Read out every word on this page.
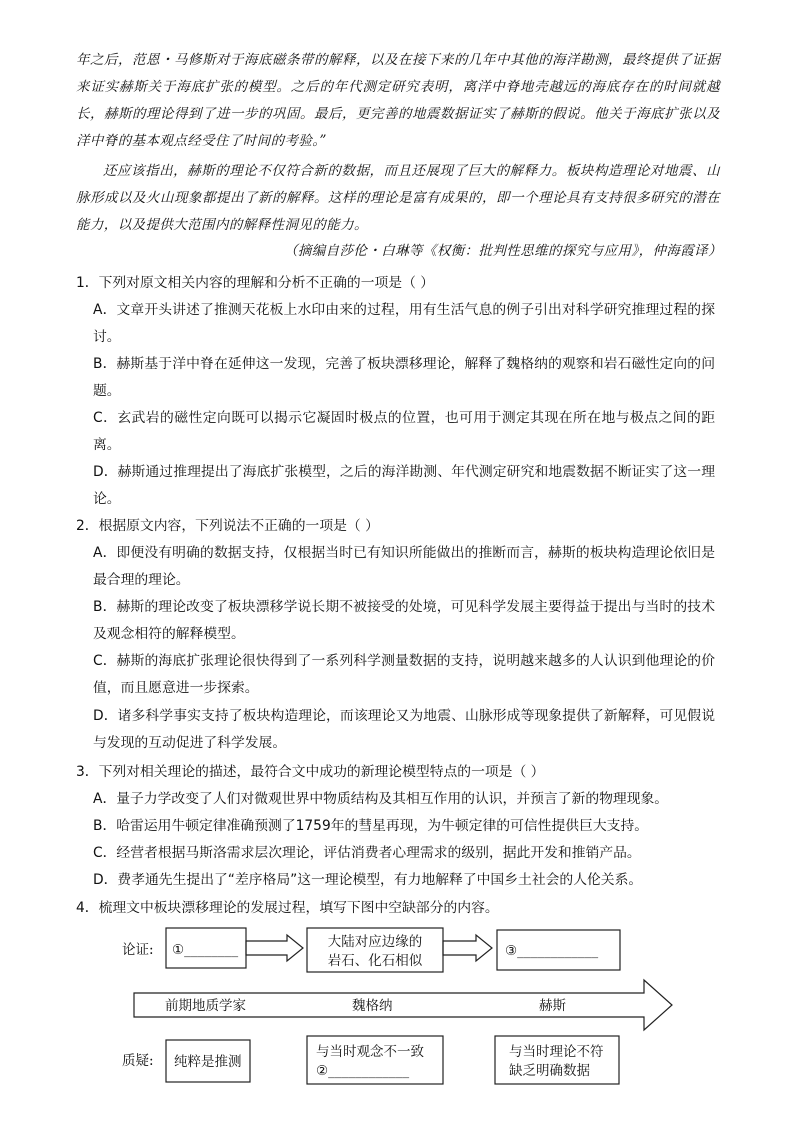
年之后，范恩・马修斯对于海底磁条带的解释，以及在接下来的几年中其他的海洋勘测，最终提供了证据来证实赫斯关于海底扩张的模型。之后的年代测定研究表明，离洋中脊地壳越远的海底存在的时间就越长，赫斯的理论得到了进一步的巩固。最后，更完善的地震数据证实了赫斯的假说。他关于海底扩张以及洋中脊的基本观点经受住了时间的考验。”

还应该指出，赫斯的理论不仅符合新的数据，而且还展现了巨大的解释力。板块构造理论对地震、山脉形成以及火山现象都提出了新的解释。这样的理论是富有成果的，即一个理论具有支持很多研究的潜在能力，以及提供大范围内的解释性洞见的能力。

（摘编自莎伦・白琳等《权衡：批判性思维的探究与应用》，仲海霞译）

1．下列对原文相关内容的理解和分析不正确的一项是（ ）

A．文章开头讲述了推测天花板上水印由来的过程，用有生活气息的例子引出对科学研究推理过程的探讨。

B．赫斯基于洋中脊在延伸这一发现，完善了板块漂移理论，解释了魏格纳的观察和岩石磁性定向的问题。

C．玄武岩的磁性定向既可以揭示它凝固时极点的位置，也可用于测定其现在所在地与极点之间的距离。

D．赫斯通过推理提出了海底扩张模型，之后的海洋勘测、年代测定研究和地震数据不断证实了这一理论。

2．根据原文内容，下列说法不正确的一项是（ ）

A．即便没有明确的数据支持，仅根据当时已有知识所能做出的推断而言，赫斯的板块构造理论依旧是最合理的理论。

B．赫斯的理论改变了板块漂移学说长期不被接受的处境，可见科学发展主要得益于提出与当时的技术及观念相符的解释模型。

C．赫斯的海底扩张理论很快得到了一系列科学测量数据的支持，说明越来越多的人认识到他理论的价值，而且愿意进一步探索。

D．诸多科学事实支持了板块构造理论，而该理论又为地震、山脉形成等现象提供了新解释，可见假说与发现的互动促进了科学发展。

3．下列对相关理论的描述，最符合文中成功的新理论模型特点的一项是（ ）

A．量子力学改变了人们对微观世界中物质结构及其相互作用的认识，并预言了新的物理现象。

B．哈雷运用牛顿定律准确预测了1759年的彗星再现，为牛顿定律的可信性提供巨大支持。

C．经营者根据马斯洛需求层次理论，评估消费者心理需求的级别，据此开发和推销产品。

D．费孝通先生提出了“差序格局”这一理论模型，有力地解释了中国乡土社会的人伦关系。

4．梳理文中板块漂移理论的发展过程，填写下图中空缺部分的内容。
论证: ①________	大陆对应边缘的
岩石、化石相似
③____________
前期地质学家	魏格纳	赫斯
质疑: 纯粹是推测
与当时观念不一致
②____________
与当时理论不符
缺乏明确数据
